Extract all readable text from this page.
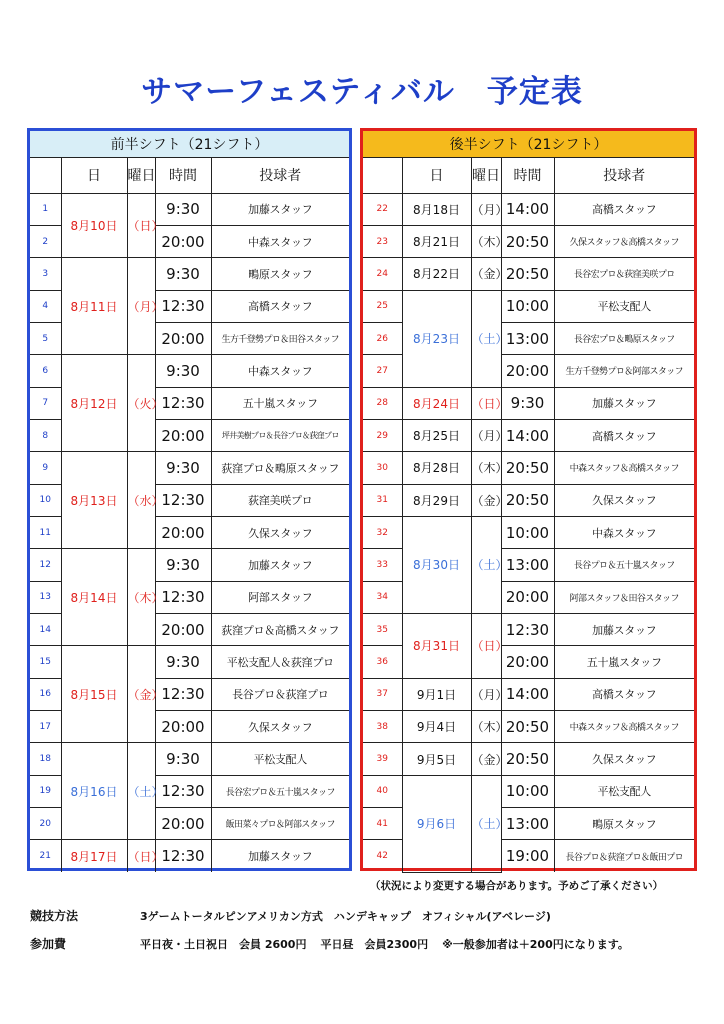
サマーフェスティバル　予定表
前半シフト（21シフト）				
	日	曜日	時間	投球者
1	8月10日	（日）	9:30	加藤スタッフ
2			20:00	中森スタッフ
3	8月11日	（月）	9:30	鴫原スタッフ
4			12:30	高橋スタッフ
5			20:00	生方千登勢プロ＆田谷スタッフ
6	8月12日	（火）	9:30	中森スタッフ
7			12:30	五十嵐スタッフ
8			20:00	坪井美樹プロ＆長谷プロ＆荻窪プロ
9	8月13日	（水）	9:30	荻窪プロ＆鴫原スタッフ
10			12:30	荻窪美咲プロ
11			20:00	久保スタッフ
12	8月14日	（木）	9:30	加藤スタッフ
13			12:30	阿部スタッフ
14			20:00	荻窪プロ＆高橋スタッフ
15	8月15日	（金）	9:30	平松支配人＆荻窪プロ
16			12:30	長谷プロ＆荻窪プロ
17			20:00	久保スタッフ
18	8月16日	（土）	9:30	平松支配人
19			12:30	長谷宏プロ＆五十嵐スタッフ
20			20:00	飯田菜々プロ＆阿部スタッフ
21	8月17日	（日）	12:30	加藤スタッフ
後半シフト（21シフト）				
	日	曜日	時間	投球者
22	8月18日	（月）	14:00	高橋スタッフ
23	8月21日	（木）	20:50	久保スタッフ＆高橋スタッフ
24	8月22日	（金）	20:50	長谷宏プロ＆荻窪美咲プロ
25	8月23日	（土）	10:00	平松支配人
26			13:00	長谷宏プロ＆鴫原スタッフ
27			20:00	生方千登勢プロ＆阿部スタッフ
28	8月24日	（日）	9:30	加藤スタッフ
29	8月25日	（月）	14:00	高橋スタッフ
30	8月28日	（木）	20:50	中森スタッフ＆高橋スタッフ
31	8月29日	（金）	20:50	久保スタッフ
32	8月30日	（土）	10:00	中森スタッフ
33			13:00	長谷プロ＆五十嵐スタッフ
34			20:00	阿部スタッフ＆田谷スタッフ
35	8月31日	（日）	12:30	加藤スタッフ
36			20:00	五十嵐スタッフ
37	9月1日	（月）	14:00	高橋スタッフ
38	9月4日	（木）	20:50	中森スタッフ＆高橋スタッフ
39	9月5日	（金）	20:50	久保スタッフ
40	9月6日	（土）	10:00	平松支配人
41			13:00	鴫原スタッフ
42			19:00	長谷プロ＆荻窪プロ＆飯田プロ
（状況により変更する場合があります。予めご了承ください）
競技方法	3ゲームトータルピンアメリカン方式　ハンデキャップ　オフィシャル(アベレージ)
参加費	平日夜・土日祝日　会員 2600円 平日昼　会員2300円 ※一般参加者は＋200円になります。
